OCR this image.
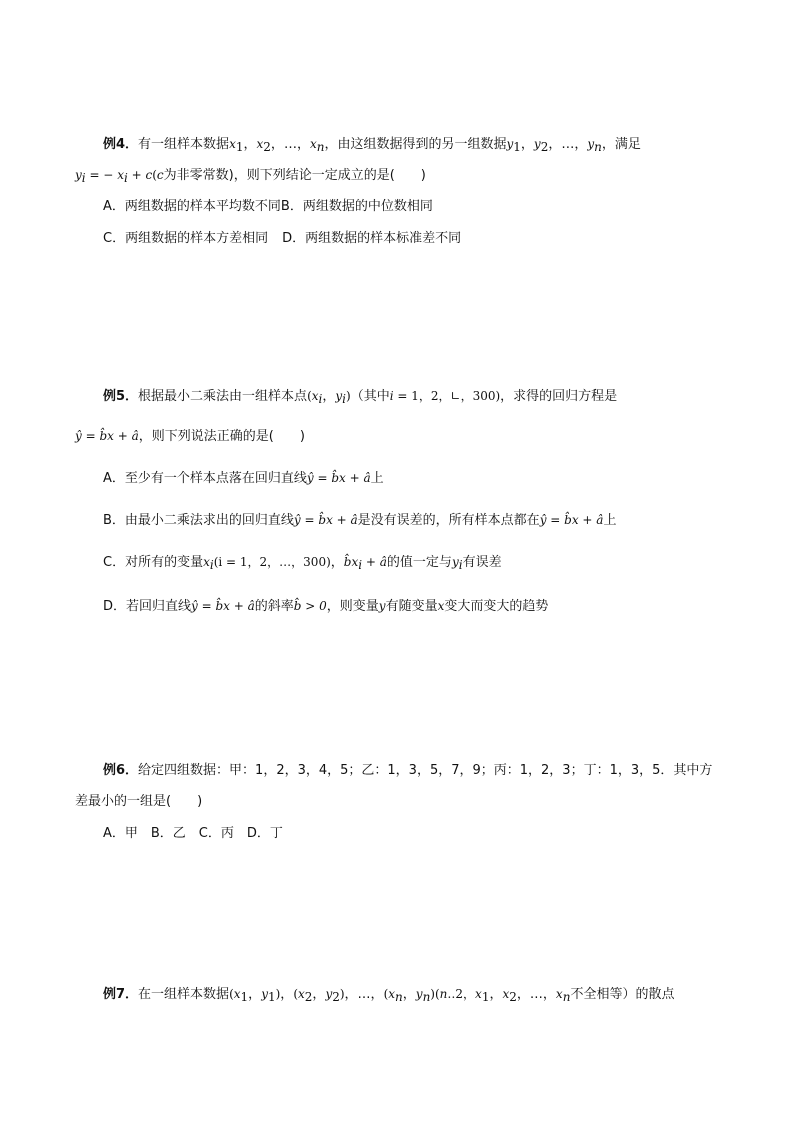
例4．有一组样本数据$x_1$，$x_2$，…，$x_n$，由这组数据得到的另一组数据$y_1$，$y_2$，…，$y_n$，满足
$y_i$ = − $x_i + c(c$为非零常数)，则下列结论一定成立的是(　　)
A．两组数据的样本平均数不同B．两组数据的中位数相同
C．两组数据的样本方差相同 D．两组数据的样本标准差不同
例5．根据最小二乘法由一组样本点($x_i$，$y_i$)（其中i = 1，2，∟，300)，求得的回归方程是
ŷ = b̂x + â，则下列说法正确的是(　　)
A．至少有一个样本点落在回归直线ŷ = b̂x + â上
B．由最小二乘法求出的回归直线ŷ = b̂x + â是没有误差的，所有样本点都在ŷ = b̂x + â上
C．对所有的变量$x_i(i = 1$，2，…，300)，$b̂x_i$ + â的值一定与$y_i$有误差
D．若回归直线ŷ = b̂x + â的斜率b̂ > 0，则变量y有随变量x变大而变大的趋势
例6．给定四组数据：甲：1，2，3，4，5；乙：1，3，5，7，9；丙：1，2，3；丁：1，3，5．其中方
差最小的一组是(　　)
A．甲　B．乙　C．丙　D．丁
例7．在一组样本数据($x_1$，$y_1$)，($x_2$，$y_2$)，…，($x_n$，$y_n)(n‥2$，$x_1$，$x_2$，…，$x_n$不全相等）的散点
